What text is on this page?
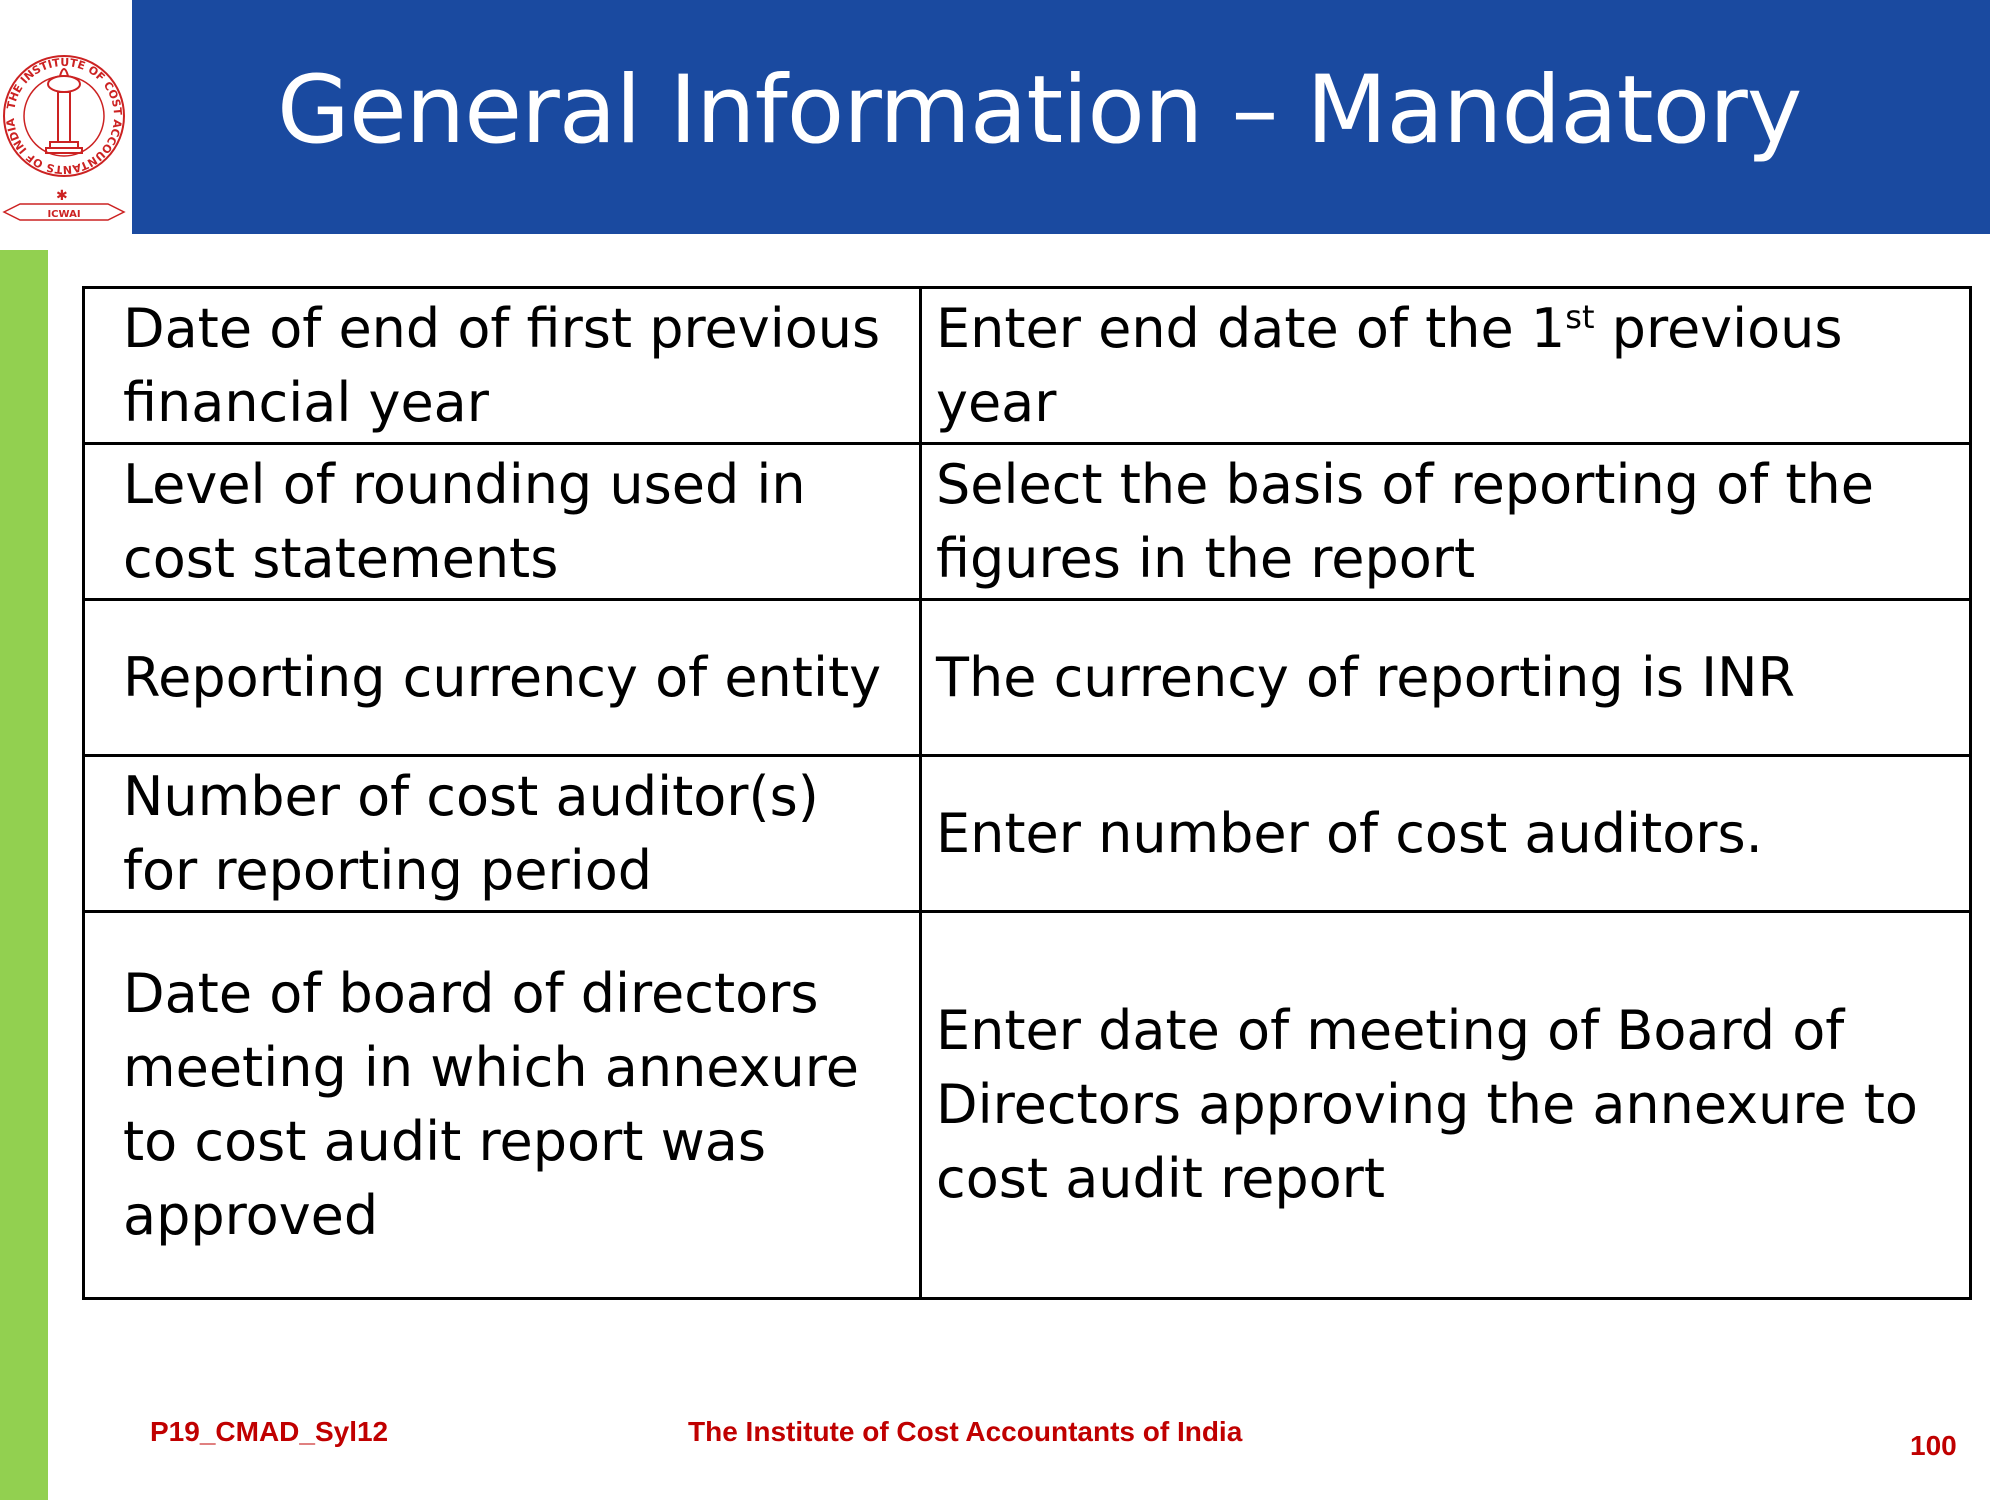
THE INSTITUTE OF COST ACCOUNTANTS OF INDIA
✱
ICWAI
General Information – Mandatory
Date of end of first previous financial year	Enter end date of the 1st previous year
Level of rounding used in cost statements	Select the basis of reporting of the figures in the report
Reporting currency of entity	The currency of reporting is INR
Number of cost auditor(s) for reporting period	Enter number of cost auditors.
Date of board of directors meeting in which annexure to cost audit report was approved	Enter date of meeting of Board of Directors approving the annexure to cost audit report
P19_CMAD_Syl12	The Institute of Cost Accountants of India	100
